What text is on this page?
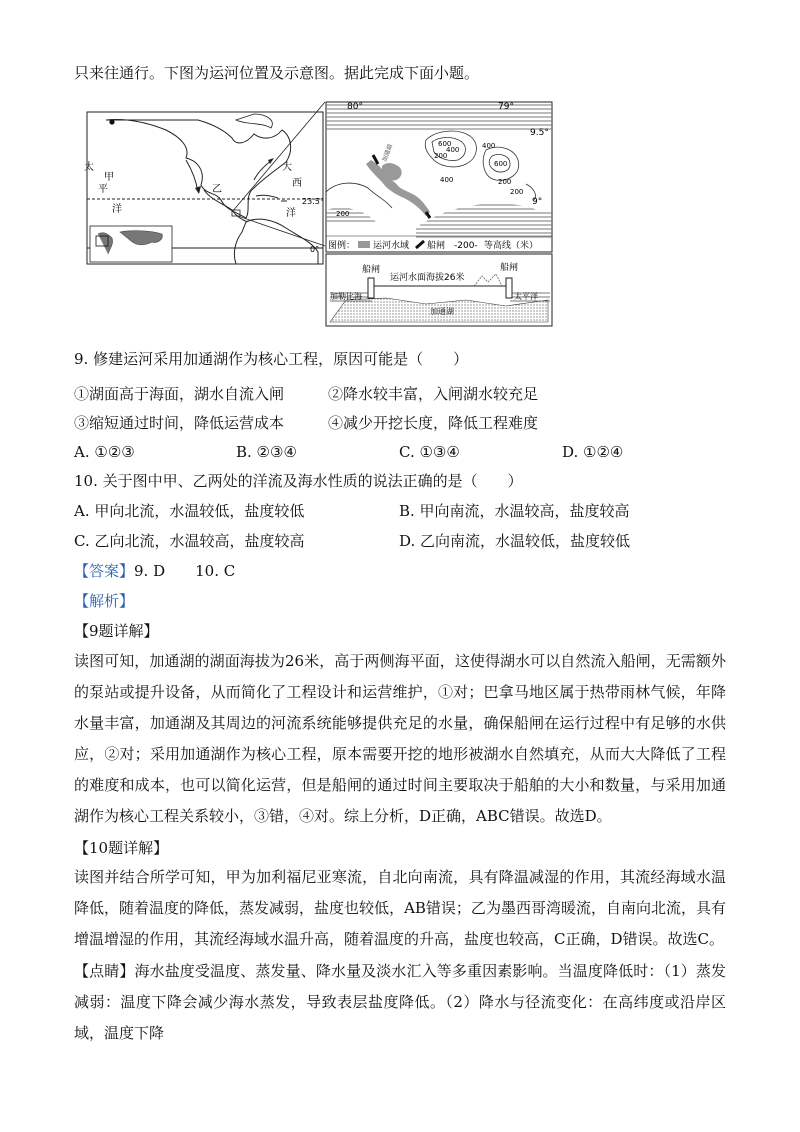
只来往通行。下图为运河位置及示意图。据此完成下面小题。
太
平
洋
甲
乙
大
西
洋
23.5°
0°
80°	79°
9.5°
9°
600
400
200
600
400
200
200
400
200
加通湖
图例： 运河水域 船闸 -200- 等高线（米）
船闸	船闸
运河水面海拔26米
加勒比海	太平洋
加通湖
9. 修建运河采用加通湖作为核心工程，原因可能是（　　）
①湖面高于海面，湖水自流入闸	②降水较丰富，入闸湖水较充足
③缩短通过时间，降低运营成本	④减少开挖长度，降低工程难度
A. ①②③	B. ②③④	C. ①③④	D. ①②④
10. 关于图中甲、乙两处的洋流及海水性质的说法正确的是（　　）
A. 甲向北流，水温较低，盐度较低	B. 甲向南流，水温较高，盐度较高
C. 乙向北流，水温较高，盐度较高	D. 乙向南流，水温较低，盐度较低
【答案】9. D　　10. C
【解析】
【9题详解】
读图可知，加通湖的湖面海拔为26米，高于两侧海平面，这使得湖水可以自然流入船闸，无需额外的泵站或提升设备，从而简化了工程设计和运营维护，①对；巴拿马地区属于热带雨林气候，年降水量丰富，加通湖及其周边的河流系统能够提供充足的水量，确保船闸在运行过程中有足够的水供应，②对；采用加通湖作为核心工程，原本需要开挖的地形被湖水自然填充，从而大大降低了工程的难度和成本，也可以简化运营，但是船闸的通过时间主要取决于船舶的大小和数量，与采用加通湖作为核心工程关系较小，③错，④对。综上分析，D正确，ABC错误。故选D。
【10题详解】
读图并结合所学可知，甲为加利福尼亚寒流，自北向南流，具有降温减湿的作用，其流经海域水温降低，随着温度的降低，蒸发减弱，盐度也较低，AB错误；乙为墨西哥湾暖流，自南向北流，具有增温增湿的作用，其流经海域水温升高，随着温度的升高，盐度也较高，C正确，D错误。故选C。
【点睛】海水盐度受温度、蒸发量、降水量及淡水汇入等多重因素影响。当温度降低时：（1）蒸发减弱：温度下降会减少海水蒸发，导致表层盐度降低。（2）降水与径流变化：在高纬度或沿岸区域，温度下降
